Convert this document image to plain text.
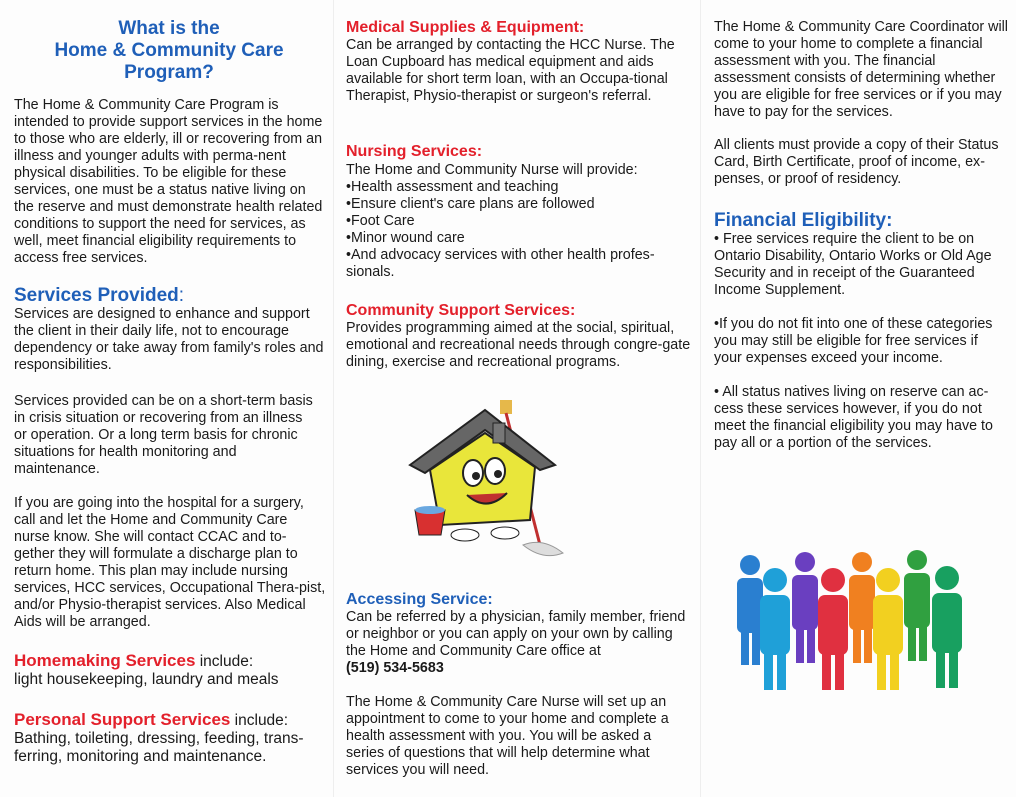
What is the
Home & Community Care
Program?

The Home & Community Care Program is intended to provide support services in the home to those who are elderly, ill or recovering from an illness and younger adults with perma-nent physical disabilities. To be eligible for these services, one must be a status native living on the reserve and must demonstrate health related conditions to support the need for services, as well, meet financial eligibility requirements to access free services.

Services Provided:

Services are designed to enhance and support the client in their daily life, not to encourage dependency or take away from family's roles and responsibilities.

Services provided can be on a short-term basis in crisis situation or recovering from an illness or operation. Or a long term basis for chronic situations for health monitoring and maintenance.

If you are going into the hospital for a surgery, call and let the Home and Community Care nurse know. She will contact CCAC and to-gether they will formulate a discharge plan to return home. This plan may include nursing services, HCC services, Occupational Thera-pist, and/or Physio-therapist services. Also Medical Aids will be arranged.

Homemaking Services include:
light housekeeping, laundry and meals
Personal Support Services include:
Bathing, toileting, dressing, feeding, trans-ferring, monitoring and maintenance.
Medical Supplies & Equipment:

Can be arranged by contacting the HCC Nurse. The Loan Cupboard has medical equipment and aids available for short term loan, with an Occupa-tional Therapist, Physio-therapist or surgeon's referral.

Nursing Services:
The Home and Community Nurse will provide:
• Health assessment and teaching
• Ensure client's care plans are followed
• Foot Care
• Minor wound care
• And advocacy services with other health profes-sionals.
Community Support Services:

Provides programming aimed at the social, spiritual, emotional and recreational needs through congre-gate dining, exercise and recreational programs.

Accessing Service:

Can be referred by a physician, family member, friend or neighbor or you can apply on your own by calling the Home and Community Care office at
(519) 534-5683

The Home & Community Care Nurse will set up an appointment to come to your home and complete a health assessment with you. You will be asked a series of questions that will help determine what services you will need.

The Home & Community Care Coordinator will come to your home to complete a financial assessment with you. The financial assessment consists of determining whether you are eligible for free services or if you may have to pay for the services.

All clients must provide a copy of their Status Card, Birth Certificate, proof of income, ex-penses, or proof of residency.

Financial Eligibility:

• Free services require the client to be on Ontario Disability, Ontario Works or Old Age Security and in receipt of the Guaranteed Income Supplement.

•If you do not fit into one of these categories you may still be eligible for free services if your expenses exceed your income.

• All status natives living on reserve can ac-cess these services however, if you do not meet the financial eligibility you may have to pay all or a portion of the services.
